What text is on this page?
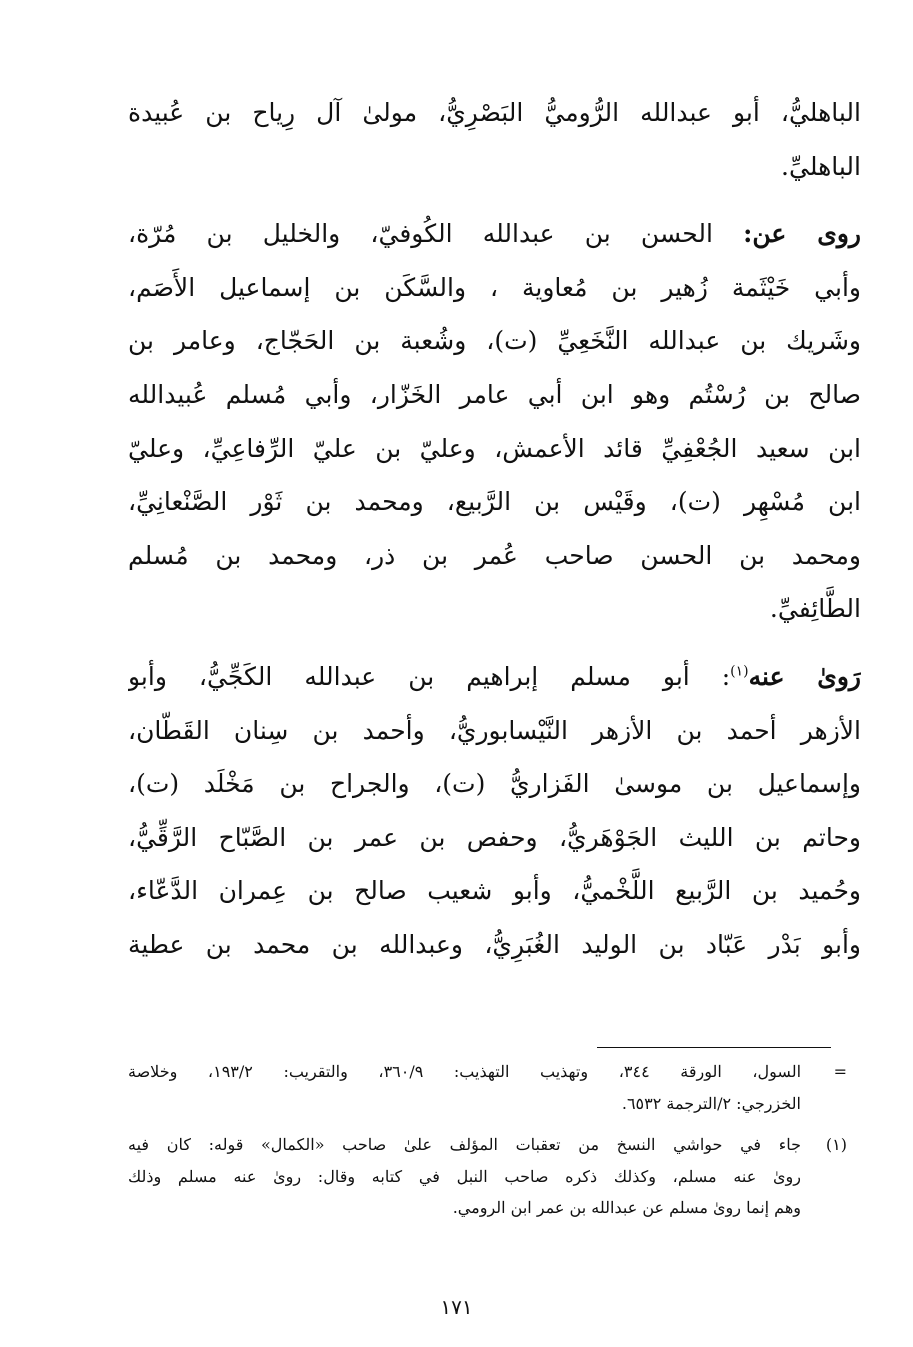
الباهليُّ، أبو عبدالله الرُّوميُّ البَصْرِيُّ، مولىٰ آل رِياح بن عُبيدة
الباهليِّ.

روى عن: الحسن بن عبدالله الكُوفيّ، والخليل بن مُرّة،
وأبي خَيْثَمة زُهير بن مُعاوية ، والسَّكَن بن إسماعيل الأَصَم،
وشَريك بن عبدالله النَّخَعِيِّ (ت)، وشُعبة بن الحَجّاج، وعامر بن
صالح بن رُسْتُم وهو ابن أبي عامر الخَزّار، وأبي مُسلم عُبيدالله
ابن سعيد الجُعْفِيِّ قائد الأعمش، وعليّ بن عليّ الرِّفاعِيِّ، وعليّ
ابن مُسْهِر (ت)، وقَيْس بن الرَّبيع، ومحمد بن ثَوْر الصَّنْعانِيِّ،
ومحمد بن الحسن صاحب عُمر بن ذر، ومحمد بن مُسلم
الطَّائِفيِّ.

رَوىٰ عنه$^{(١)}$: أبو مسلم إبراهيم بن عبدالله الكَجِّيُّ، وأبو
الأزهر أحمد بن الأزهر النَّيْسابوريُّ، وأحمد بن سِنان القَطّان،
وإسماعيل بن موسىٰ الفَزاريُّ (ت)، والجراح بن مَخْلَد (ت)،
وحاتم بن الليث الجَوْهَريُّ، وحفص بن عمر بن الصَّبّاح الرَّقِّيُّ،
وحُميد بن الرَّبيع اللَّخْميُّ، وأبو شعيب صالح بن عِمران الدَّعّاء،
وأبو بَدْر عَبّاد بن الوليد الغُبَرِيُّ، وعبدالله بن محمد بن عطية

=
السول، الورقة ٣٤٤، وتهذيب التهذيب: ٣٦٠/٩، والتقريب: ١٩٣/٢، وخلاصة
الخزرجي: ٢/الترجمة ٦٥٣٢.
(١)
جاء في حواشي النسخ من تعقبات المؤلف علىٰ صاحب «الكمال» قوله: كان فيه
روىٰ عنه مسلم، وكذلك ذكره صاحب النبل في كتابه وقال: روىٰ عنه مسلم وذلك
وهم إنما روىٰ مسلم عن عبدالله بن عمر ابن الرومي.
١٧١
